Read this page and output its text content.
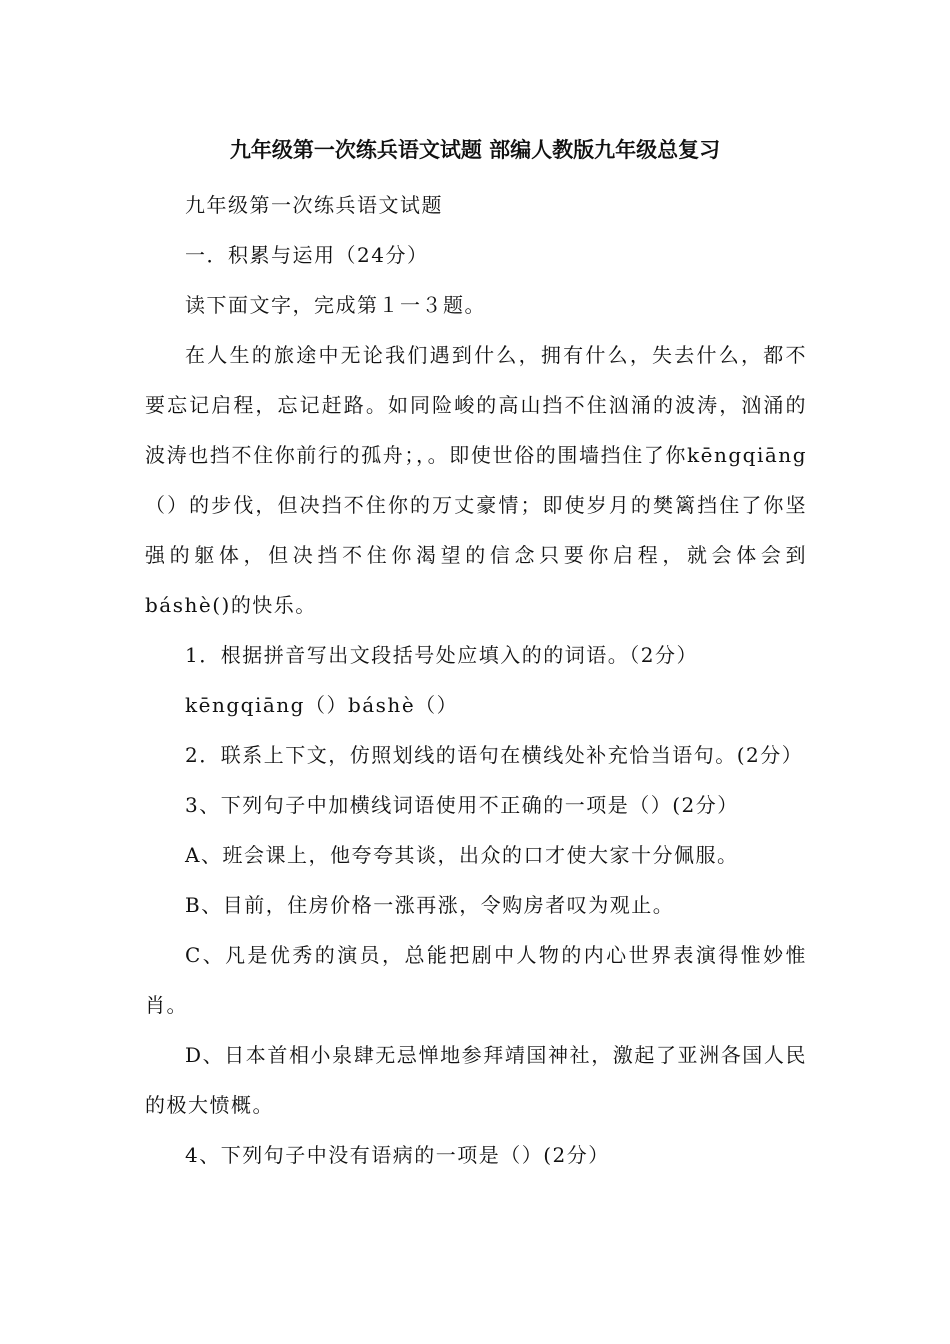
九年级第一次练兵语文试题 部编人教版九年级总复习

九年级第一次练兵语文试题

一．积累与运用（24分）

读下面文字，完成第１一３题。

在人生的旅途中无论我们遇到什么，拥有什么，失去什么，都不要忘记启程，忘记赶路。如同险峻的高山挡不住汹涌的波涛，汹涌的波涛也挡不住你前行的孤舟；，。即使世俗的围墙挡住了你kēngqiāng（）的步伐，但决挡不住你的万丈豪情；即使岁月的樊篱挡住了你坚强的躯体，但决挡不住你渴望的信念只要你启程，就会体会到báshè()的快乐。

1．根据拼音写出文段括号处应填入的的词语。（2分）

kēngqiāng（）báshè（）

2．联系上下文，仿照划线的语句在横线处补充恰当语句。(2分）

3、下列句子中加横线词语使用不正确的一项是（）(2分）

A、班会课上，他夸夸其谈，出众的口才使大家十分佩服。

B、目前，住房价格一涨再涨，令购房者叹为观止。

C、凡是优秀的演员，总能把剧中人物的内心世界表演得惟妙惟肖。

D、日本首相小泉肆无忌惮地参拜靖国神社，激起了亚洲各国人民的极大愤概。

4、下列句子中没有语病的一项是（）(2分）
